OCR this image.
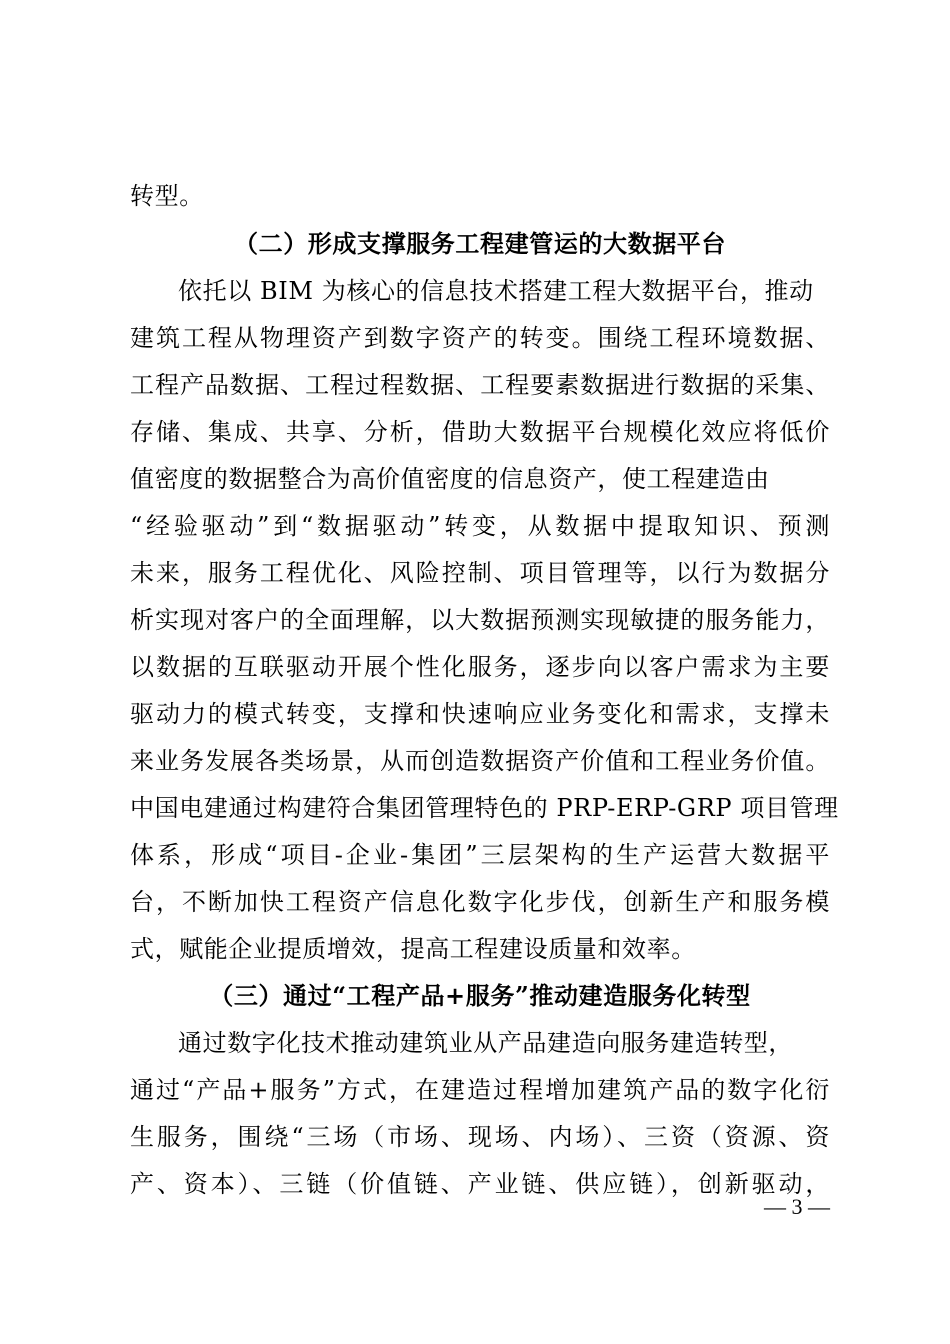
转型。
（二）形成支撑服务工程建管运的大数据平台
依托以 BIM 为核心的信息技术搭建工程大数据平台，推动
建筑工程从物理资产到数字资产的转变。围绕工程环境数据、
工程产品数据、工程过程数据、工程要素数据进行数据的采集、
存储、集成、共享、分析，借助大数据平台规模化效应将低价
值密度的数据整合为高价值密度的信息资产，使工程建造由
“经验驱动”到“数据驱动”转变，从数据中提取知识、预测
未来，服务工程优化、风险控制、项目管理等，以行为数据分
析实现对客户的全面理解，以大数据预测实现敏捷的服务能力，
以数据的互联驱动开展个性化服务，逐步向以客户需求为主要
驱动力的模式转变，支撑和快速响应业务变化和需求，支撑未
来业务发展各类场景，从而创造数据资产价值和工程业务价值。
中国电建通过构建符合集团管理特色的 PRP-ERP-GRP 项目管理
体系，形成“项目-企业-集团”三层架构的生产运营大数据平
台，不断加快工程资产信息化数字化步伐，创新生产和服务模
式，赋能企业提质增效，提高工程建设质量和效率。
（三）通过“工程产品+服务”推动建造服务化转型
通过数字化技术推动建筑业从产品建造向服务建造转型，
通过“产品+服务”方式，在建造过程增加建筑产品的数字化衍
生服务，围绕“三场（市场、现场、内场）、三资（资源、资
产、资本）、三链（价值链、产业链、供应链），创新驱动，
— 3 —
